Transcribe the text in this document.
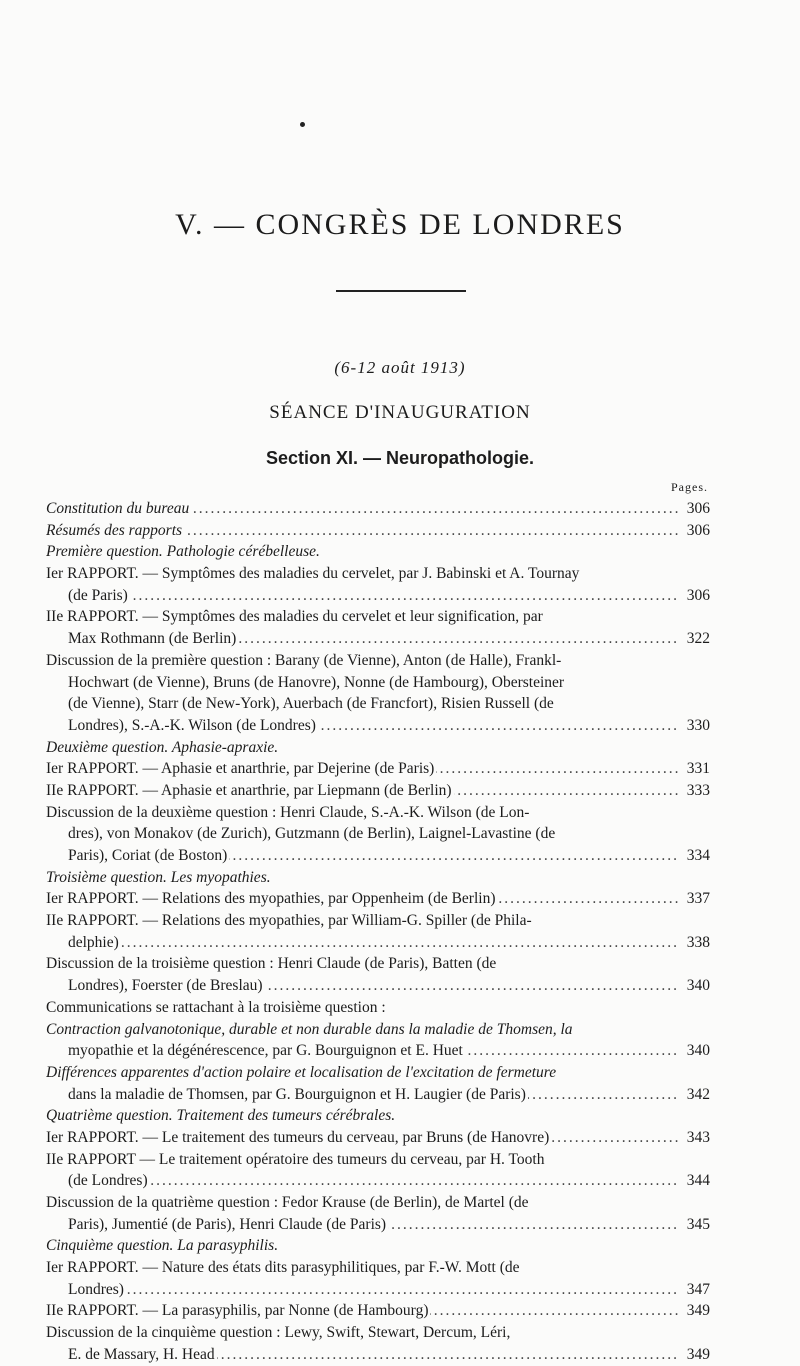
V. — CONGRÈS DE LONDRES
(6-12 août 1913)
SÉANCE D'INAUGURATION
Section XI. — Neuropathologie.
Pages.
..... Constitution du bureau	306
..... Résumés des rapports	306
Première question. Pathologie cérébelleuse.
Ier RAPPORT. — Symptômes des maladies du cervelet, par J. Babinski et A. Tournay
..... (de Paris)	306
IIe RAPPORT. — Symptômes des maladies du cervelet et leur signification, par
..... Max Rothmann (de Berlin)	322
Discussion de la première question : Barany (de Vienne), Anton (de Halle), Frankl-
Hochwart (de Vienne), Bruns (de Hanovre), Nonne (de Hambourg), Obersteiner
(de Vienne), Starr (de New-York), Auerbach (de Francfort), Risien Russell (de
..... Londres), S.-A.-K. Wilson (de Londres)	330
Deuxième question. Aphasie-apraxie.
..... Ier RAPPORT. — Aphasie et anarthrie, par Dejerine (de Paris)	331
..... IIe RAPPORT. — Aphasie et anarthrie, par Liepmann (de Berlin)	333
Discussion de la deuxième question : Henri Claude, S.-A.-K. Wilson (de Lon-
dres), von Monakov (de Zurich), Gutzmann (de Berlin), Laignel-Lavastine (de
..... Paris), Coriat (de Boston)	334
Troisième question. Les myopathies.
..... Ier RAPPORT. — Relations des myopathies, par Oppenheim (de Berlin)	337
IIe RAPPORT. — Relations des myopathies, par William-G. Spiller (de Phila-
..... delphie)	338
Discussion de la troisième question : Henri Claude (de Paris), Batten (de
..... Londres), Foerster (de Breslau)	340
Communications se rattachant à la troisième question :
Contraction galvanotonique, durable et non durable dans la maladie de Thomsen, la
..... myopathie et la dégénérescence, par G. Bourguignon et E. Huet	340
Différences apparentes d'action polaire et localisation de l'excitation de fermeture
..... dans la maladie de Thomsen, par G. Bourguignon et H. Laugier (de Paris)	342
Quatrième question. Traitement des tumeurs cérébrales.
..... Ier RAPPORT. — Le traitement des tumeurs du cerveau, par Bruns (de Hanovre)	343
IIe RAPPORT — Le traitement opératoire des tumeurs du cerveau, par H. Tooth
..... (de Londres)	344
Discussion de la quatrième question : Fedor Krause (de Berlin), de Martel (de
..... Paris), Jumentié (de Paris), Henri Claude (de Paris)	345
Cinquième question. La parasyphilis.
Ier RAPPORT. — Nature des états dits parasyphilitiques, par F.-W. Mott (de
..... Londres)	347
..... IIe RAPPORT. — La parasyphilis, par Nonne (de Hambourg)	349
Discussion de la cinquième question : Lewy, Swift, Stewart, Dercum, Léri,
..... E. de Massary, H. Head	349
